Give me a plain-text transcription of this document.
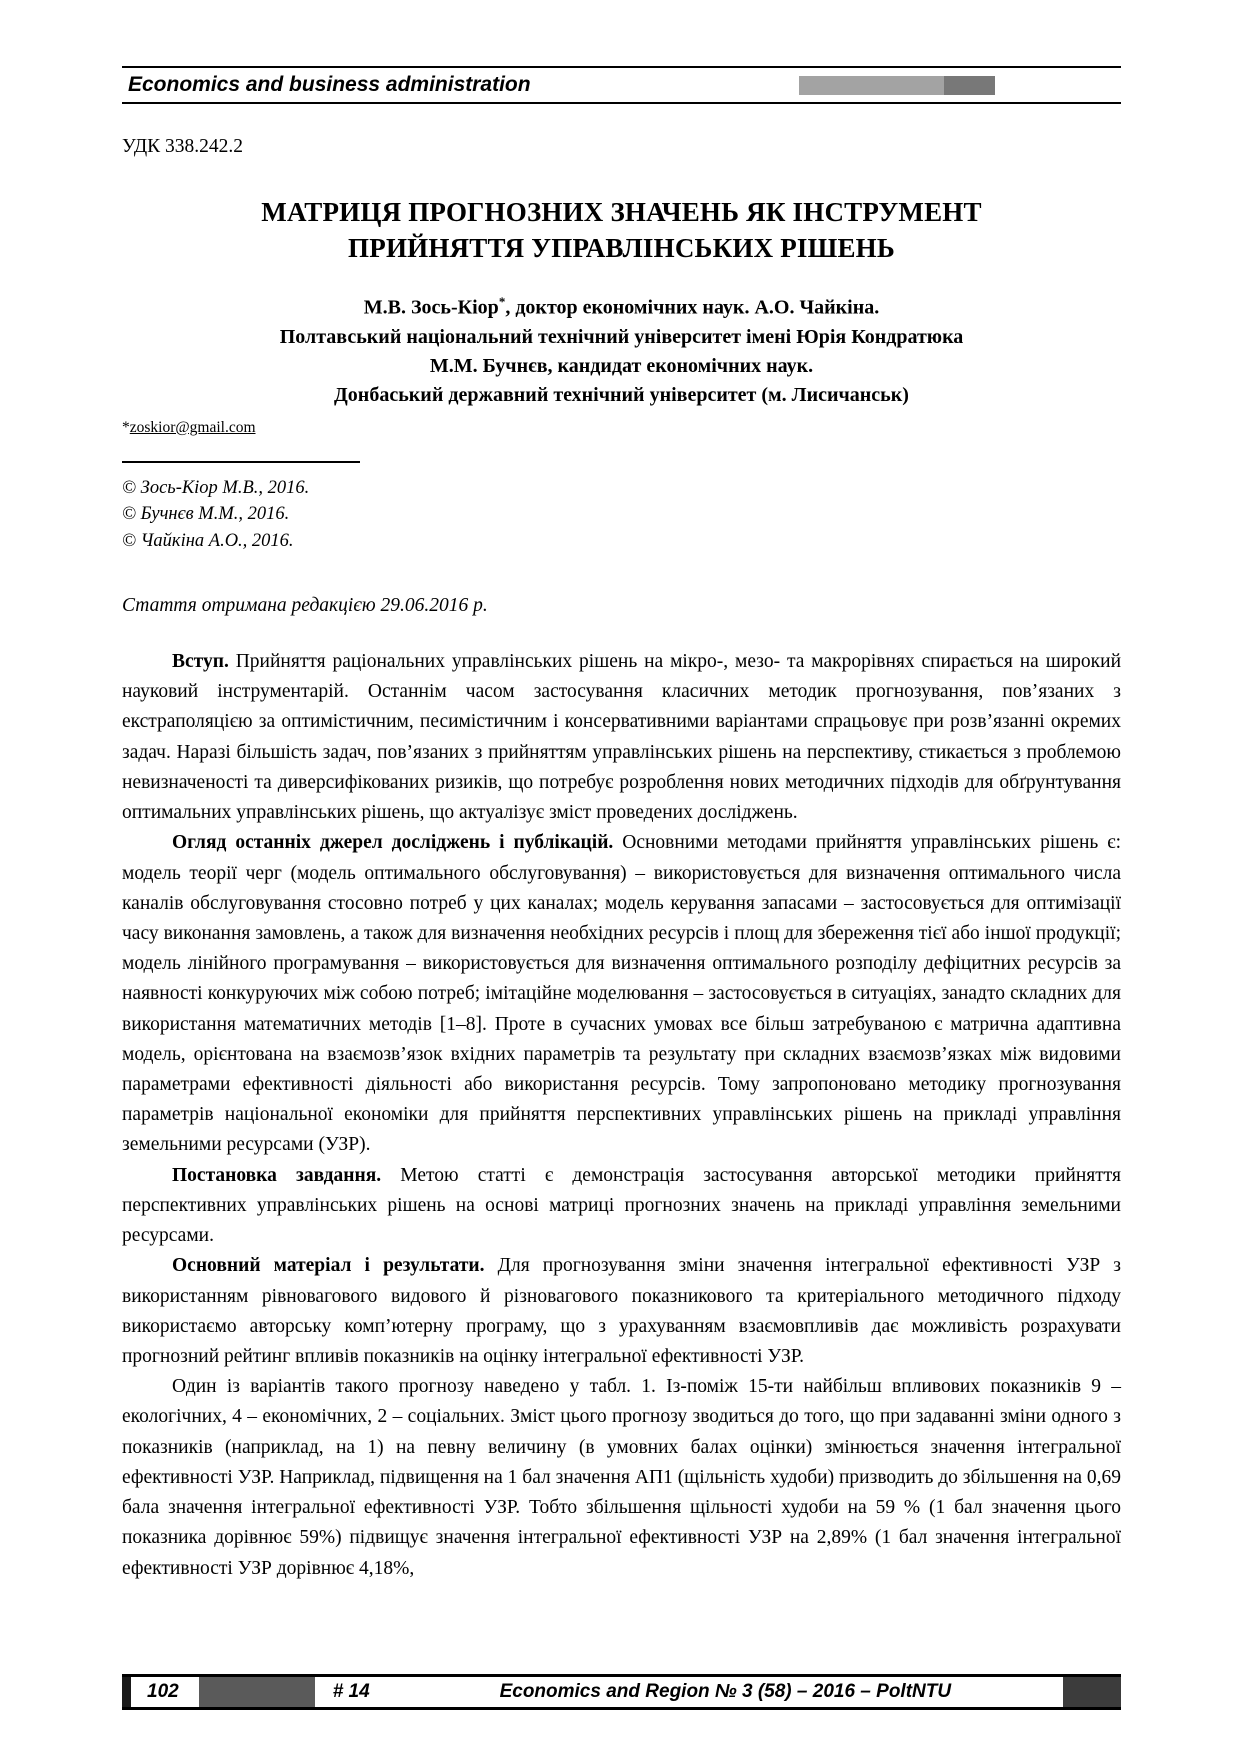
Economics and business administration
УДК 338.242.2
МАТРИЦЯ ПРОГНОЗНИХ ЗНАЧЕНЬ ЯК ІНСТРУМЕНТ
ПРИЙНЯТТЯ УПРАВЛІНСЬКИХ РІШЕНЬ
М.В. Зось-Кіор*, доктор економічних наук. А.О. Чайкіна.
Полтавський національний технічний університет імені Юрія Кондратюка
М.М. Бучнєв, кандидат економічних наук.
Донбаський державний технічний університет (м. Лисичанськ)
*zoskior@gmail.com
© Зось-Кіор М.В., 2016.
© Бучнєв М.М., 2016.
© Чайкіна А.О., 2016.
Стаття отримана редакцією 29.06.2016 р.

Вступ. Прийняття раціональних управлінських рішень на мікро-, мезо- та макрорівнях спирається на широкий науковий інструментарій. Останнім часом застосування класичних методик прогнозування, пов’язаних з екстраполяцією за оптимістичним, песимістичним і консервативними варіантами спрацьовує при розв’язанні окремих задач. Наразі більшість задач, пов’язаних з прийняттям управлінських рішень на перспективу, стикається з проблемою невизначеності та диверсифікованих ризиків, що потребує розроблення нових методичних підходів для обґрунтування оптимальних управлінських рішень, що актуалізує зміст проведених досліджень.

Огляд останніх джерел досліджень і публікацій. Основними методами прийняття управлінських рішень є: модель теорії черг (модель оптимального обслуговування) – використовується для визначення оптимального числа каналів обслуговування стосовно потреб у цих каналах; модель керування запасами – застосовується для оптимізації часу виконання замовлень, а також для визначення необхідних ресурсів і площ для збереження тієї або іншої продукції; модель лінійного програмування – використовується для визначення оптимального розподілу дефіцитних ресурсів за наявності конкуруючих між собою потреб; імітаційне моделювання – застосовується в ситуаціях, занадто складних для використання математичних методів [1–8]. Проте в сучасних умовах все більш затребуваною є матрична адаптивна модель, орієнтована на взаємозв’язок вхідних параметрів та результату при складних взаємозв’язках між видовими параметрами ефективності діяльності або використання ресурсів. Тому запропоновано методику прогнозування параметрів національної економіки для прийняття перспективних управлінських рішень на прикладі управління земельними ресурсами (УЗР).

Постановка завдання. Метою статті є демонстрація застосування авторської методики прийняття перспективних управлінських рішень на основі матриці прогнозних значень на прикладі управління земельними ресурсами.

Основний матеріал і результати. Для прогнозування зміни значення інтегральної ефективності УЗР з використанням рівновагового видового й різновагового показникового та критеріального методичного підходу використаємо авторську комп’ютерну програму, що з урахуванням взаємовпливів дає можливість розрахувати прогнозний рейтинг впливів показників на оцінку інтегральної ефективності УЗР.

Один із варіантів такого прогнозу наведено у табл. 1. Із-поміж 15-ти найбільш впливових показників 9 – екологічних, 4 – економічних, 2 – соціальних. Зміст цього прогнозу зводиться до того, що при задаванні зміни одного з показників (наприклад, на 1) на певну величину (в умовних балах оцінки) змінюється значення інтегральної ефективності УЗР. Наприклад, підвищення на 1 бал значення АП1 (щільність худоби) призводить до збільшення на 0,69 бала значення інтегральної ефективності УЗР. Тобто збільшення щільності худоби на 59 % (1 бал значення цього показника дорівнює 59%) підвищує значення інтегральної ефективності УЗР на 2,89% (1 бал значення інтегральної ефективності УЗР дорівнює 4,18%,

102	# 14	Economics and Region № 3 (58) – 2016 – PoltNTU
